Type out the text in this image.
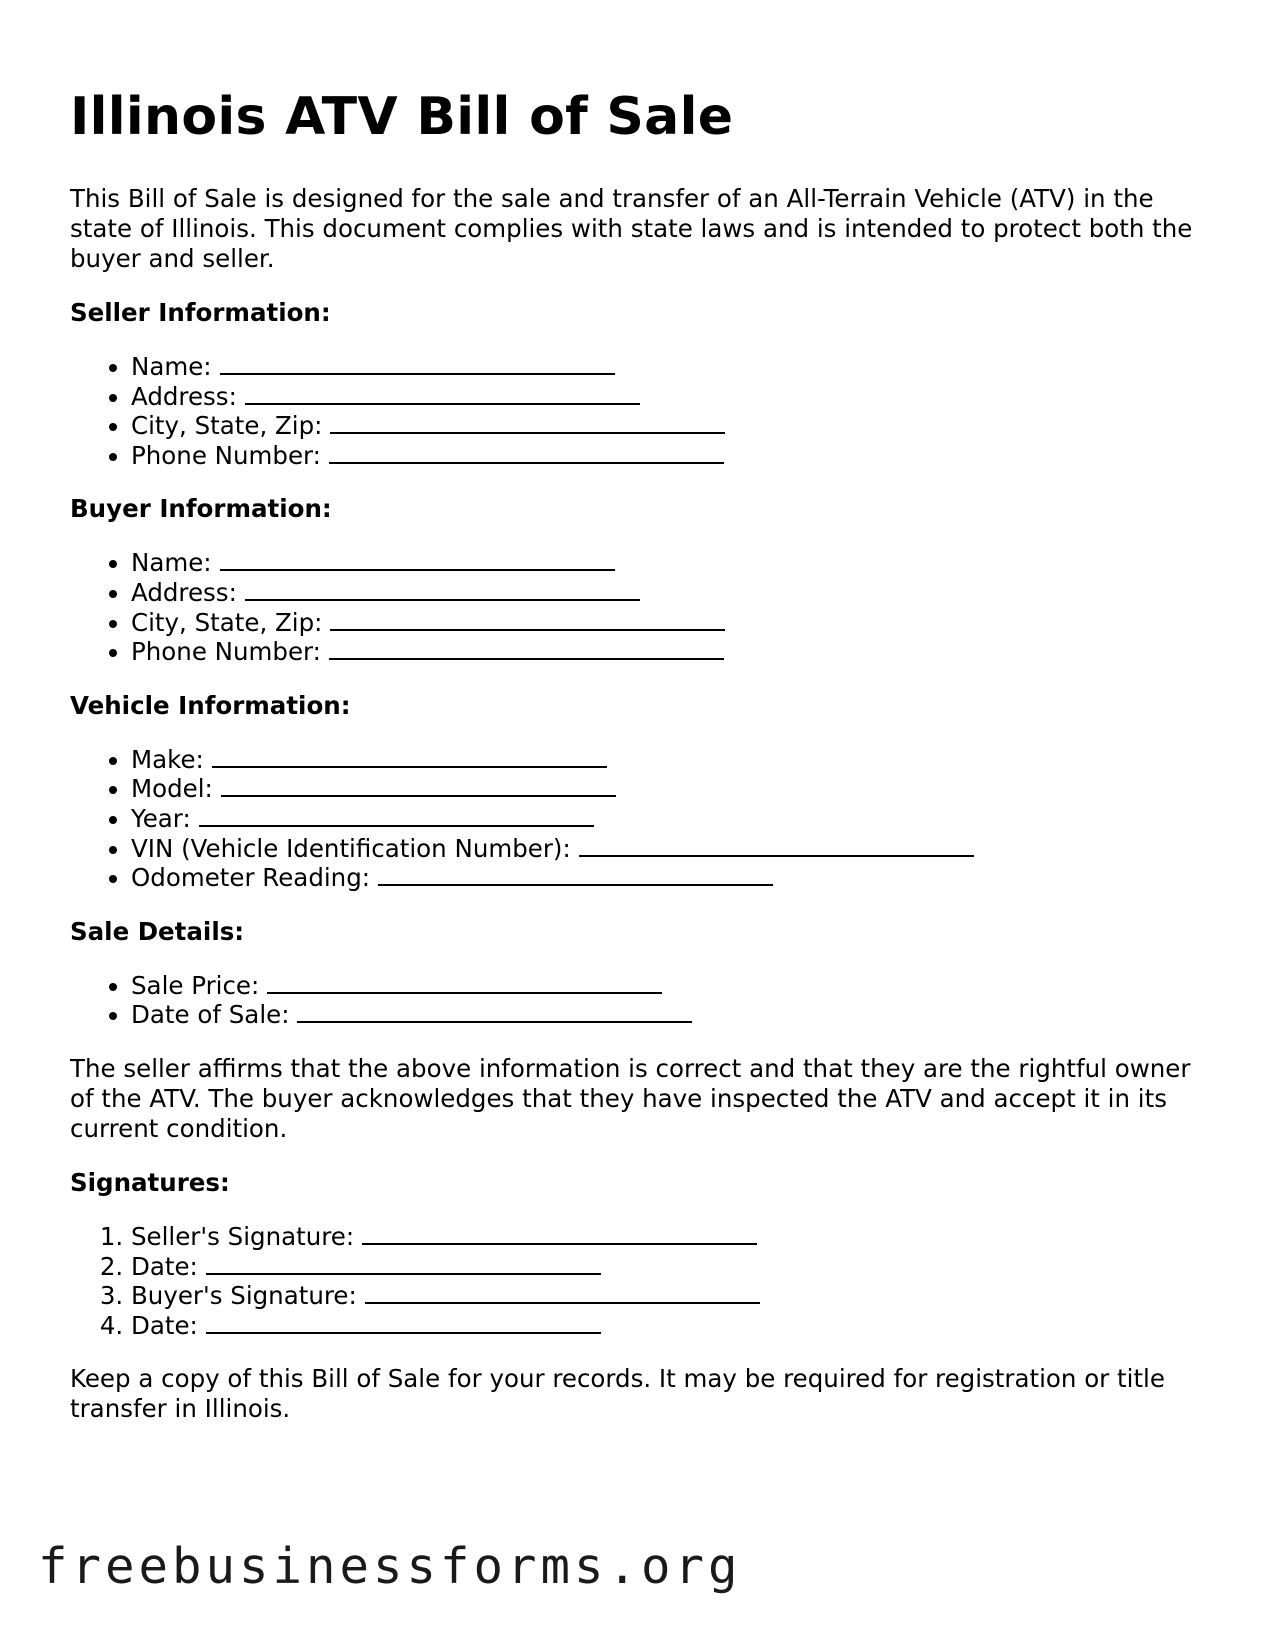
Illinois ATV Bill of Sale

This Bill of Sale is designed for the sale and transfer of an All-Terrain Vehicle (ATV) in the state of Illinois. This document complies with state laws and is intended to protect both the buyer and seller.

Seller Information:
• Name:
• Address:
• City, State, Zip:
• Phone Number:
Buyer Information:
• Name:
• Address:
• City, State, Zip:
• Phone Number:
Vehicle Information:
• Make:
• Model:
• Year:
• VIN (Vehicle Identification Number):
• Odometer Reading:
Sale Details:
• Sale Price:
• Date of Sale:

The seller affirms that the above information is correct and that they are the rightful owner of the ATV. The buyer acknowledges that they have inspected the ATV and accept it in its current condition.

Signatures:
1. Seller's Signature:
2. Date:
3. Buyer's Signature:
4. Date:

Keep a copy of this Bill of Sale for your records. It may be required for registration or title transfer in Illinois.

freebusinessforms.org
